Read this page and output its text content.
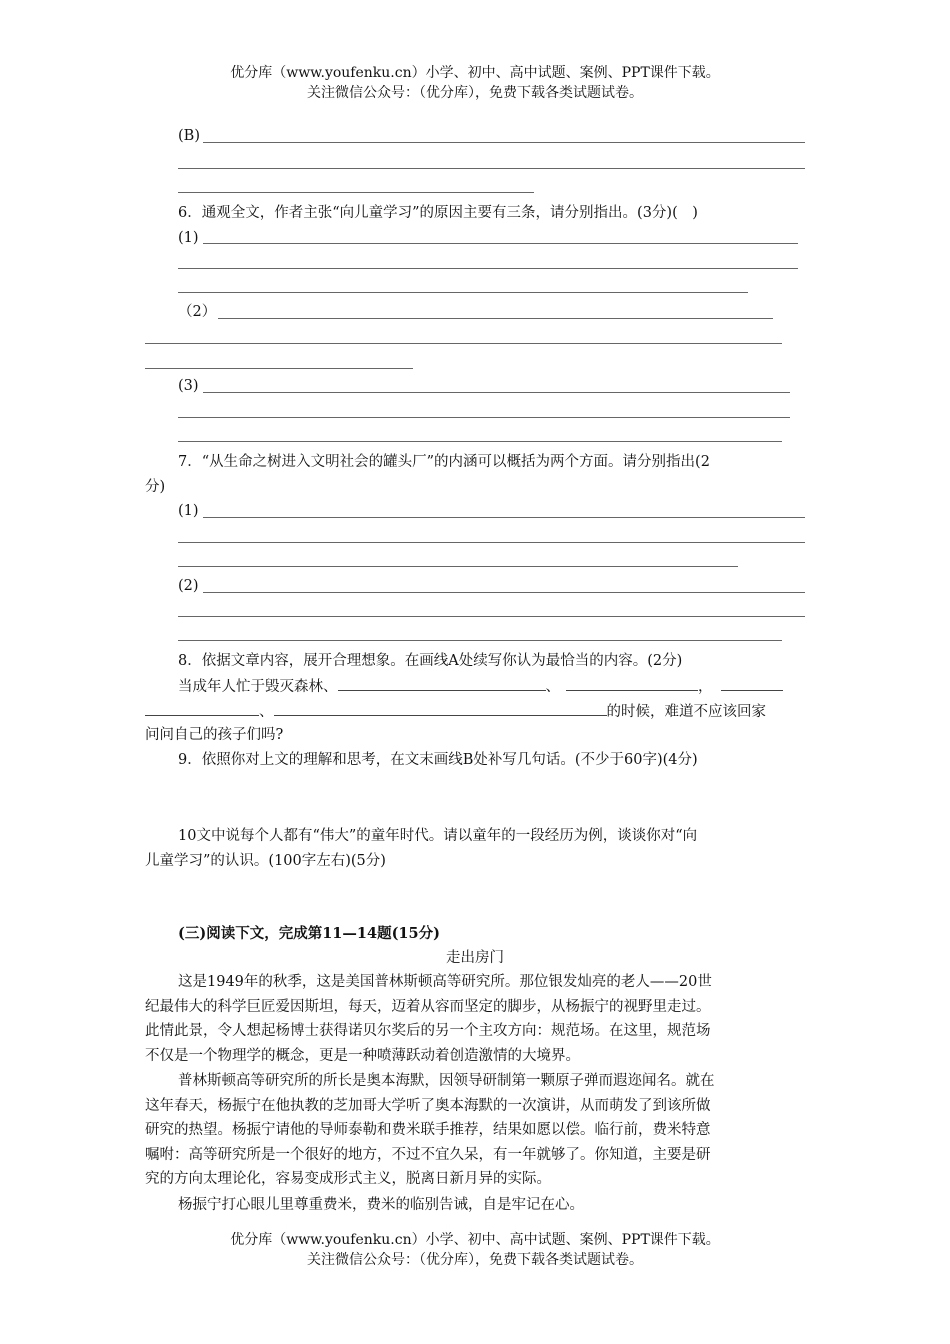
优分库（www.youfenku.cn）小学、初中、高中试题、案例、PPT课件下载。
关注微信公众号：（优分库），免费下载各类试题试卷。
(B)
6．通观全文，作者主张“向儿童学习”的原因主要有三条，请分别指出。(3分)(　)
(1)
（2）
(3)
7．“从生命之树进入文明社会的罐头厂”的内涵可以概括为两个方面。请分别指出(2
分)
(1)
(2)
8．依据文章内容，展开合理想象。在画线A处续写你认为最恰当的内容。(2分)
当成年人忙于毁灭森林、	、	，
、	的时候，难道不应该回家
问问自己的孩子们吗?
9．依照你对上文的理解和思考，在文末画线B处补写几句话。(不少于60字)(4分)
10文中说每个人都有“伟大”的童年时代。请以童年的一段经历为例，谈谈你对“向
儿童学习”的认识。(100字左右)(5分)
(三)阅读下文，完成第11—14题(15分)
走出房门
这是1949年的秋季，这是美国普林斯顿高等研究所。那位银发灿亮的老人——20世
纪最伟大的科学巨匠爱因斯坦，每天，迈着从容而坚定的脚步，从杨振宁的视野里走过。
此情此景，令人想起杨博士获得诺贝尔奖后的另一个主攻方向：规范场。在这里，规范场
不仅是一个物理学的概念，更是一种喷薄跃动着创造激情的大境界。
普林斯顿高等研究所的所长是奥本海默，因领导研制第一颗原子弹而遐迩闻名。就在
这年春天，杨振宁在他执教的芝加哥大学听了奥本海默的一次演讲，从而萌发了到该所做
研究的热望。杨振宁请他的导师泰勒和费米联手推荐，结果如愿以偿。临行前，费米特意
嘱咐：高等研究所是一个很好的地方，不过不宜久呆，有一年就够了。你知道，主要是研
究的方向太理论化，容易变成形式主义，脱离日新月异的实际。
杨振宁打心眼儿里尊重费米，费米的临别告诫，自是牢记在心。
优分库（www.youfenku.cn）小学、初中、高中试题、案例、PPT课件下载。
关注微信公众号：（优分库），免费下载各类试题试卷。
